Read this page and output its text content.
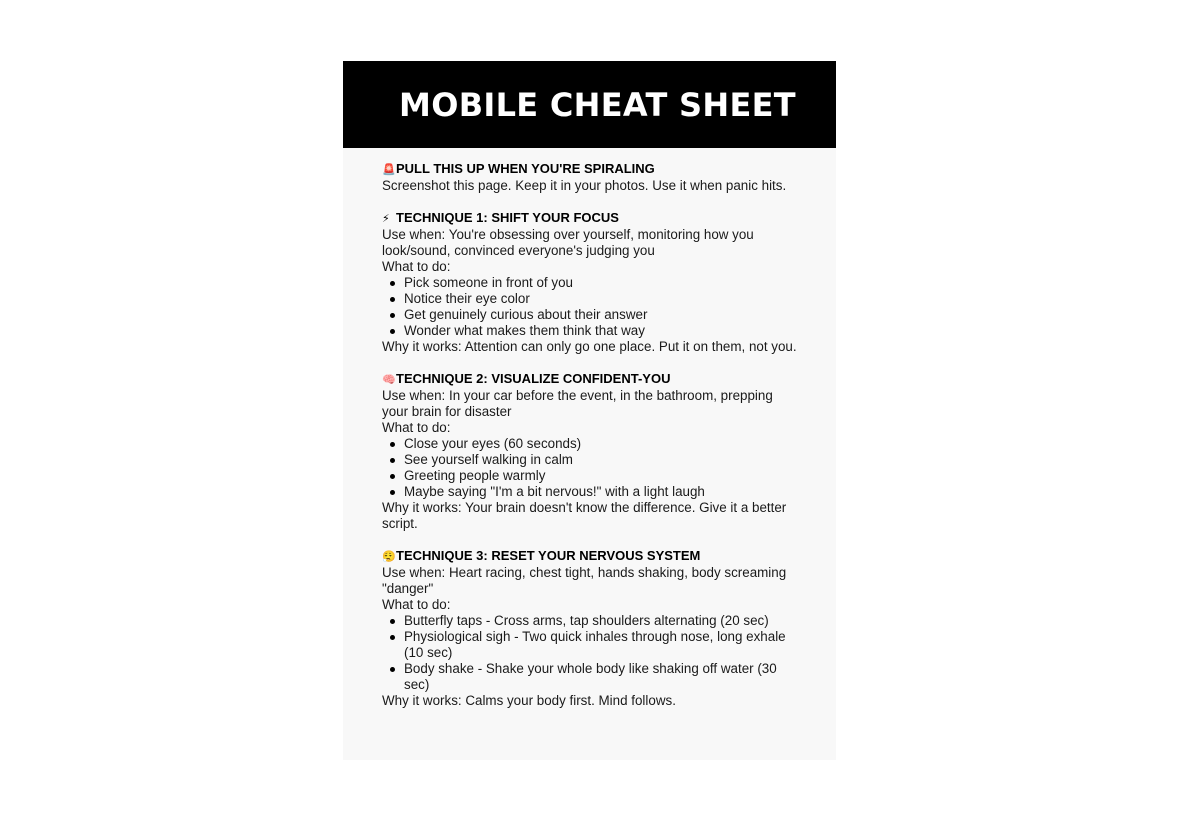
MOBILE CHEAT SHEET
🚨PULL THIS UP WHEN YOU'RE SPIRALING
Screenshot this page. Keep it in your photos. Use it when panic hits.
⚡ TECHNIQUE 1: SHIFT YOUR FOCUS
Use when: You're obsessing over yourself, monitoring how you look/sound, convinced everyone's judging you
What to do:
Pick someone in front of you
Notice their eye color
Get genuinely curious about their answer
Wonder what makes them think that way
Why it works: Attention can only go one place. Put it on them, not you.
🧠TECHNIQUE 2: VISUALIZE CONFIDENT-YOU
Use when: In your car before the event, in the bathroom, prepping your brain for disaster
What to do:
Close your eyes (60 seconds)
See yourself walking in calm
Greeting people warmly
Maybe saying "I'm a bit nervous!" with a light laugh
Why it works: Your brain doesn't know the difference. Give it a better script.
😮‍💨TECHNIQUE 3: RESET YOUR NERVOUS SYSTEM
Use when: Heart racing, chest tight, hands shaking, body screaming "danger"
What to do:
Butterfly taps - Cross arms, tap shoulders alternating (20 sec)
Physiological sigh - Two quick inhales through nose, long exhale (10 sec)
Body shake - Shake your whole body like shaking off water (30 sec)
Why it works: Calms your body first. Mind follows.
